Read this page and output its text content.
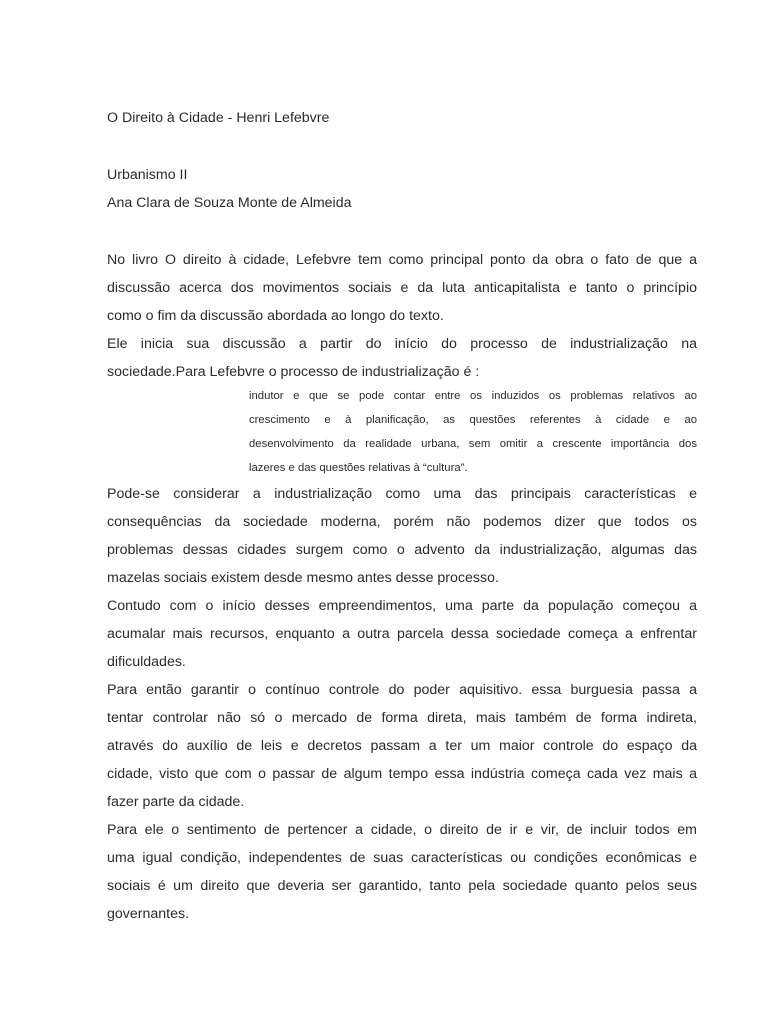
O Direito à Cidade - Henri Lefebvre
Urbanismo II
Ana Clara de Souza Monte de Almeida
No livro O direito à cidade, Lefebvre tem como principal ponto da obra o fato de que a
discussão acerca dos movimentos sociais e da luta anticapitalista e tanto o princípio
como o fim da discussão abordada ao longo do texto.
Ele inicia sua discussão a partir do início do processo de industrialização na
sociedade.Para Lefebvre o processo de industrialização é :
indutor e que se pode contar entre os induzidos os problemas relativos ao
crescimento e à planificação, as questões referentes à cidade e ao
desenvolvimento da realidade urbana, sem omitir a crescente importância dos
lazeres e das questões relativas à “cultura”.
Pode-se considerar a industrialização como uma das principais características e
consequências da sociedade moderna, porém não podemos dizer que todos os
problemas dessas cidades surgem como o advento da industrialização, algumas das
mazelas sociais existem desde mesmo antes desse processo.
Contudo com o início desses empreendimentos, uma parte da população começou a
acumalar mais recursos, enquanto a outra parcela dessa sociedade começa a enfrentar
dificuldades.
Para então garantir o contínuo controle do poder aquisitivo. essa burguesia passa a
tentar controlar não só o mercado de forma direta, mais também de forma indireta,
através do auxílio de leis e decretos passam a ter um maior controle do espaço da
cidade, visto que com o passar de algum tempo essa indústria começa cada vez mais a
fazer parte da cidade.
Para ele o sentimento de pertencer a cidade, o direito de ir e vir, de incluir todos em
uma igual condição, independentes de suas características ou condições econômicas e
sociais é um direito que deveria ser garantido, tanto pela sociedade quanto pelos seus
governantes.
